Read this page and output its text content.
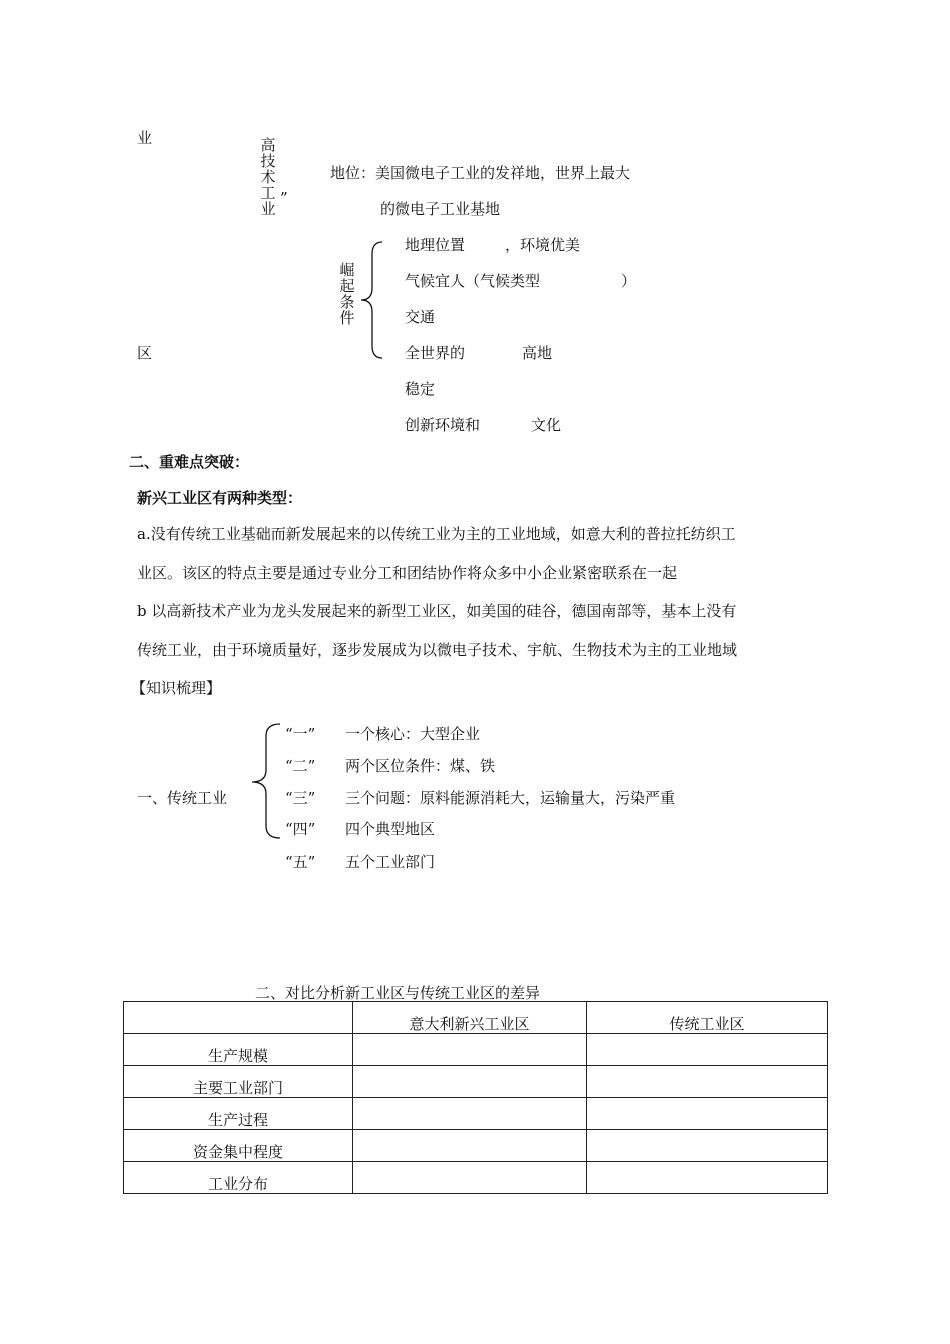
业
区
高技术工业
”
地位：美国微电子工业的发祥地，世界上最大
的微电子工业基地
崛起条件
地理位置	，环境优美
气候宜人（气候类型	）
交通
全世界的	高地
稳定
创新环境和	文化
二、重难点突破：
新兴工业区有两种类型：
a.没有传统工业基础而新发展起来的以传统工业为主的工业地域，如意大利的普拉托纺织工
业区。该区的特点主要是通过专业分工和团结协作将众多中小企业紧密联系在一起
b 以高新技术产业为龙头发展起来的新型工业区，如美国的硅谷，德国南部等，基本上没有
传统工业，由于环境质量好，逐步发展成为以微电子技术、宇航、生物技术为主的工业地域
【知识梳理】
一、传统工业
“一” 一个核心：大型企业
“二” 两个区位条件：煤、铁
“三” 三个问题：原料能源消耗大，运输量大，污染严重
“四” 四个典型地区
“五” 五个工业部门
二、对比分析新工业区与传统工业区的差异
	意大利新兴工业区	传统工业区
生产规模		
主要工业部门		
生产过程		
资金集中程度		
工业分布		
